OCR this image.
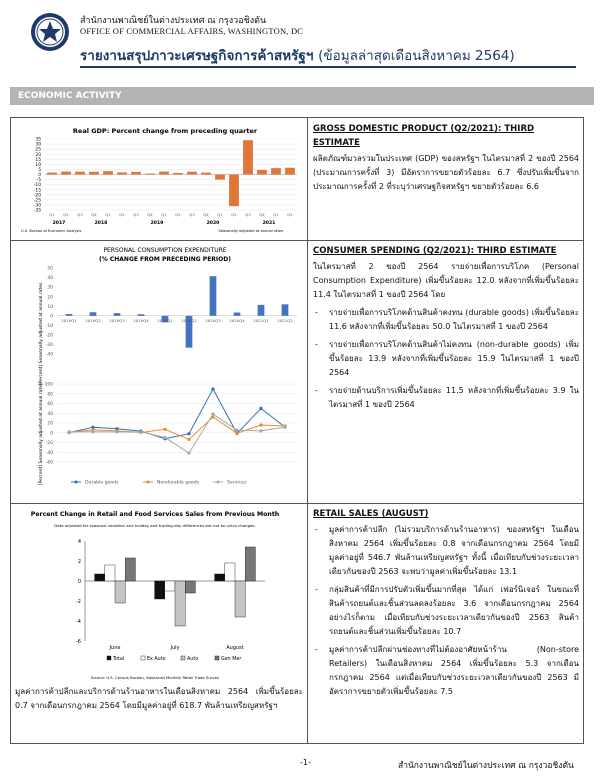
สำนักงานพาณิชย์ในต่างประเทศ ณ กรุงวอชิงตัน
OFFICE OF COMMERCIAL AFFAIRS, WASHINGTON, DC
รายงานสรุปภาวะเศรษฐกิจการค้าสหรัฐฯ (ข้อมูลล่าสุดเดือนสิงหาคม 2564)
ECONOMIC ACTIVITY
Real GDP: Percent change from preceding quarter
35
30
25
20
15
10
5
0
-5
-10
-15
-20
-25
-30
-35
Q1 Q2 Q3 Q4 Q1 Q2 Q3 Q4 Q1 Q2 Q3 Q4 Q1 Q2 Q3 Q4 Q1 Q2
2017	2018	2019	2020	2021
U.S. Bureau of Economic Analysis	Seasonally adjusted at annual rates
GROSS DOMESTIC PRODUCT (Q2/2021): THIRD ESTIMATE
ผลิตภัณฑ์มวลรวมในประเทศ (GDP) ของสหรัฐฯ ในไตรมาสที่ 2 ของปี 2564 (ประมาณการครั้งที่ 3) มีอัตราการขยายตัวร้อยละ 6.7 ซึ่งปรับเพิ่มขึ้นจากประมาณการครั้งที่ 2 ที่ระบุว่าเศรษฐกิจสหรัฐฯ ขยายตัวร้อยละ 6.6
PERSONAL CONSUMPTION EXPENDITURE
(% CHANGE FROM PRECEDING PERIOD)
[Percent] Seasonally adjusted at annual rates
50
40
30
20
10
0
-10
-20
-30
-40
2019Q1 2019Q2 2019Q3 2019Q4 2020Q1 2020Q2 2020Q3 2020Q4 2021Q1 2021Q2
[Percent] Seasonally adjusted at annual rates 100
80
60
40
20
0
-20
-40
-60
Durable goods	Nondurable goods	Services
CONSUMER SPENDING (Q2/2021): THIRD ESTIMATE
ในไตรมาสที่ 2 ของปี 2564 รายจ่ายเพื่อการบริโภค (Personal Consumption Expenditure) เพิ่มขึ้นร้อยละ 12.0 หลังจากที่เพิ่มขึ้นร้อยละ 11.4 ในไตรมาสที่ 1 ของปี 2564 โดย
- รายจ่ายเพื่อการบริโภคด้านสินค้าคงทน (durable goods) เพิ่มขึ้นร้อยละ 11.6 หลังจากที่เพิ่มขึ้นร้อยละ 50.0 ในไตรมาสที่ 1 ของปี 2564
- รายจ่ายเพื่อการบริโภคด้านสินค้าไม่คงทน (non-durable goods) เพิ่มขึ้นร้อยละ 13.9 หลังจากที่เพิ่มขึ้นร้อยละ 15.9 ในไตรมาสที่ 1 ของปี 2564
- รายจ่ายด้านบริการเพิ่มขึ้นร้อยละ 11.5 หลังจากที่เพิ่มขึ้นร้อยละ 3.9 ในไตรมาสที่ 1 ของปี 2564
Percent Change in Retail and Food Services Sales from Previous Month
Data adjusted for seasonal variation and holiday and trading-day differences but not for price changes.
4
2
0
-2
-4
-6
June	July	August
Total	Ex Auto	Auto	Gen Mer
Source: U.S. Census Bureau, Advanced Monthly Retail Trade Survey
มูลค่าการค้าปลีกและบริการด้านร้านอาหารในเดือนสิงหาคม 2564 เพิ่มขึ้นร้อยละ 0.7 จากเดือนกรกฎาคม 2564 โดยมีมูลค่าอยู่ที่ 618.7 พันล้านเหรียญสหรัฐฯ
RETAIL SALES (AUGUST)
- มูลค่าการค้าปลีก (ไม่รวมบริการด้านร้านอาหาร) ของสหรัฐฯ ในเดือนสิงหาคม 2564 เพิ่มขึ้นร้อยละ 0.8 จากเดือนกรกฎาคม 2564 โดยมีมูลค่าอยู่ที่ 546.7 พันล้านเหรียญสหรัฐฯ ทั้งนี้ เมื่อเทียบกับช่วงระยะเวลาเดียวกันของปี 2563 จะพบว่ามูลค่าเพิ่มขึ้นร้อยละ 13.1
- กลุ่มสินค้าที่มีการปรับตัวเพิ่มขึ้นมากที่สุด ได้แก่ เฟอร์นิเจอร์ ในขณะที่สินค้ารถยนต์และชิ้นส่วนลดลงร้อยละ 3.6 จากเดือนกรกฎาคม 2564 อย่างไรก็ตาม เมื่อเทียบกับช่วงระยะเวลาเดียวกันของปี 2563 สินค้ารถยนต์และชิ้นส่วนเพิ่มขึ้นร้อยละ 10.7
- มูลค่าการค้าปลีกผ่านช่องทางที่ไม่ต้องอาศัยหน้าร้าน (Non-store Retailers) ในเดือนสิงหาคม 2564 เพิ่มขึ้นร้อยละ 5.3 จากเดือนกรกฎาคม 2564 แต่เมื่อเทียบกับช่วงระยะเวลาเดียวกันของปี 2563 มีอัตราการขยายตัวเพิ่มขึ้นร้อยละ 7.5
-1-	สำนักงานพาณิชย์ในต่างประเทศ ณ กรุงวอชิงตัน
